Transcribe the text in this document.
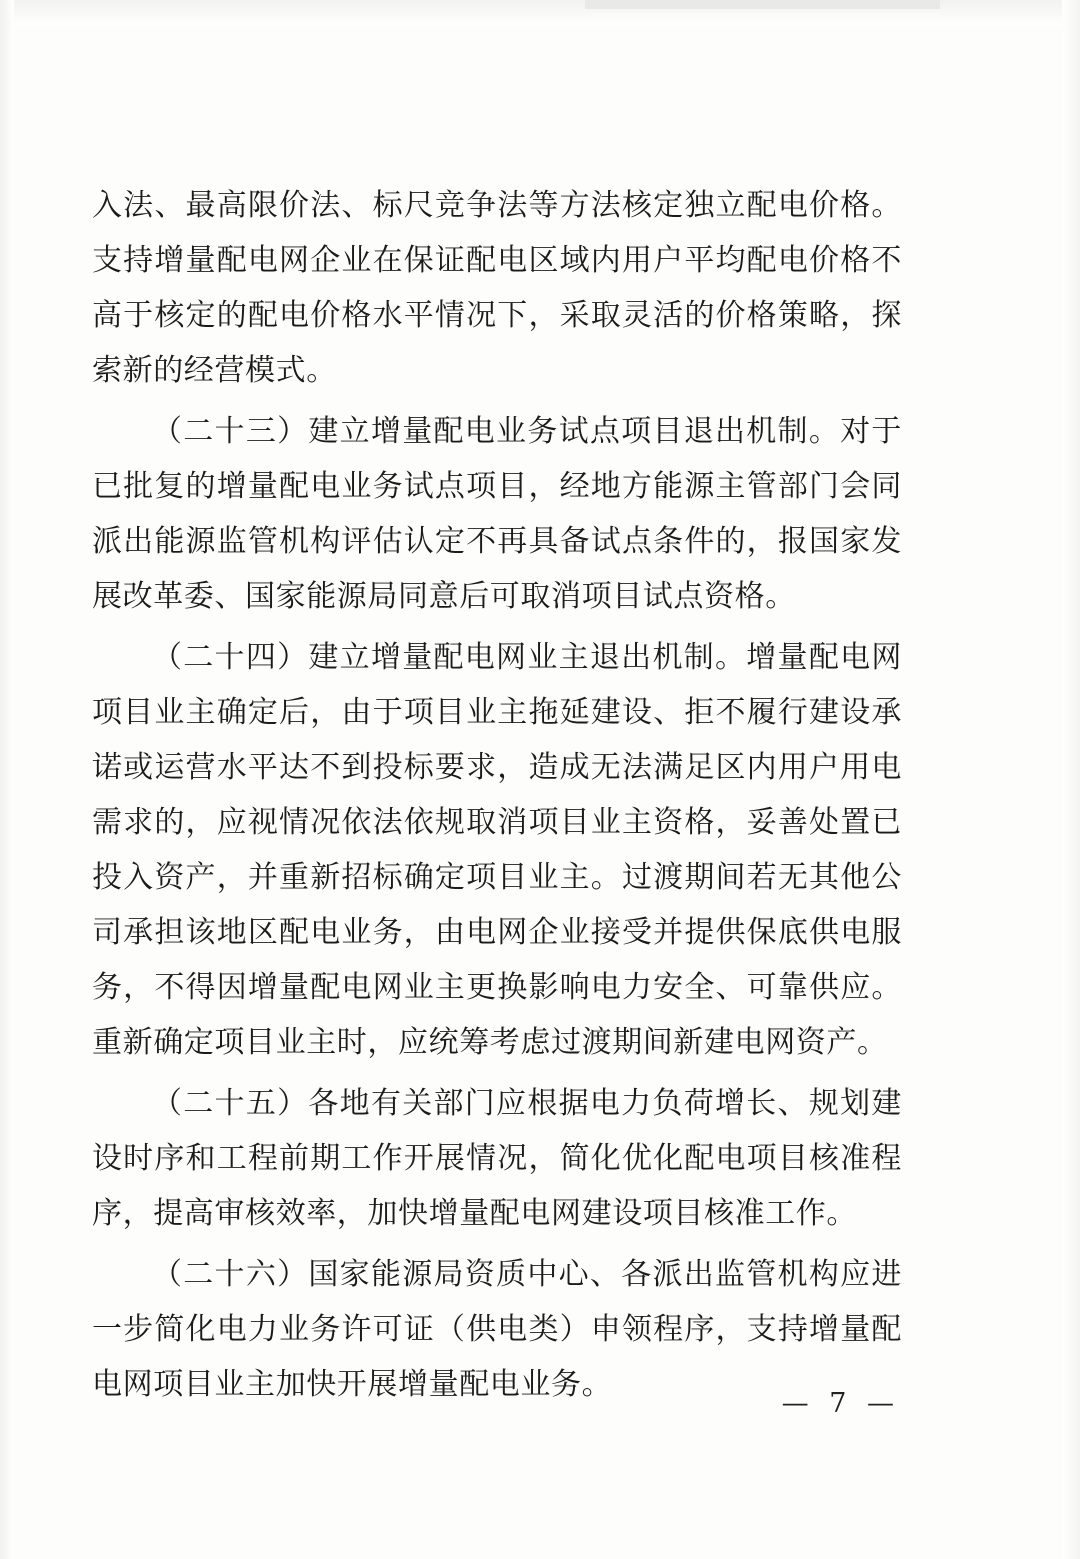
入法、最高限价法、标尺竞争法等方法核定独立配电价格。支持增量配电网企业在保证配电区域内用户平均配电价格不高于核定的配电价格水平情况下，采取灵活的价格策略，探索新的经营模式。

（二十三）建立增量配电业务试点项目退出机制。对于已批复的增量配电业务试点项目，经地方能源主管部门会同派出能源监管机构评估认定不再具备试点条件的，报国家发展改革委、国家能源局同意后可取消项目试点资格。

（二十四）建立增量配电网业主退出机制。增量配电网项目业主确定后，由于项目业主拖延建设、拒不履行建设承诺或运营水平达不到投标要求，造成无法满足区内用户用电需求的，应视情况依法依规取消项目业主资格，妥善处置已投入资产，并重新招标确定项目业主。过渡期间若无其他公司承担该地区配电业务，由电网企业接受并提供保底供电服务，不得因增量配电网业主更换影响电力安全、可靠供应。重新确定项目业主时，应统筹考虑过渡期间新建电网资产。

（二十五）各地有关部门应根据电力负荷增长、规划建设时序和工程前期工作开展情况，简化优化配电项目核准程序，提高审核效率，加快增量配电网建设项目核准工作。

（二十六）国家能源局资质中心、各派出监管机构应进一步简化电力业务许可证（供电类）申领程序，支持增量配电网项目业主加快开展增量配电业务。

— 7 —
